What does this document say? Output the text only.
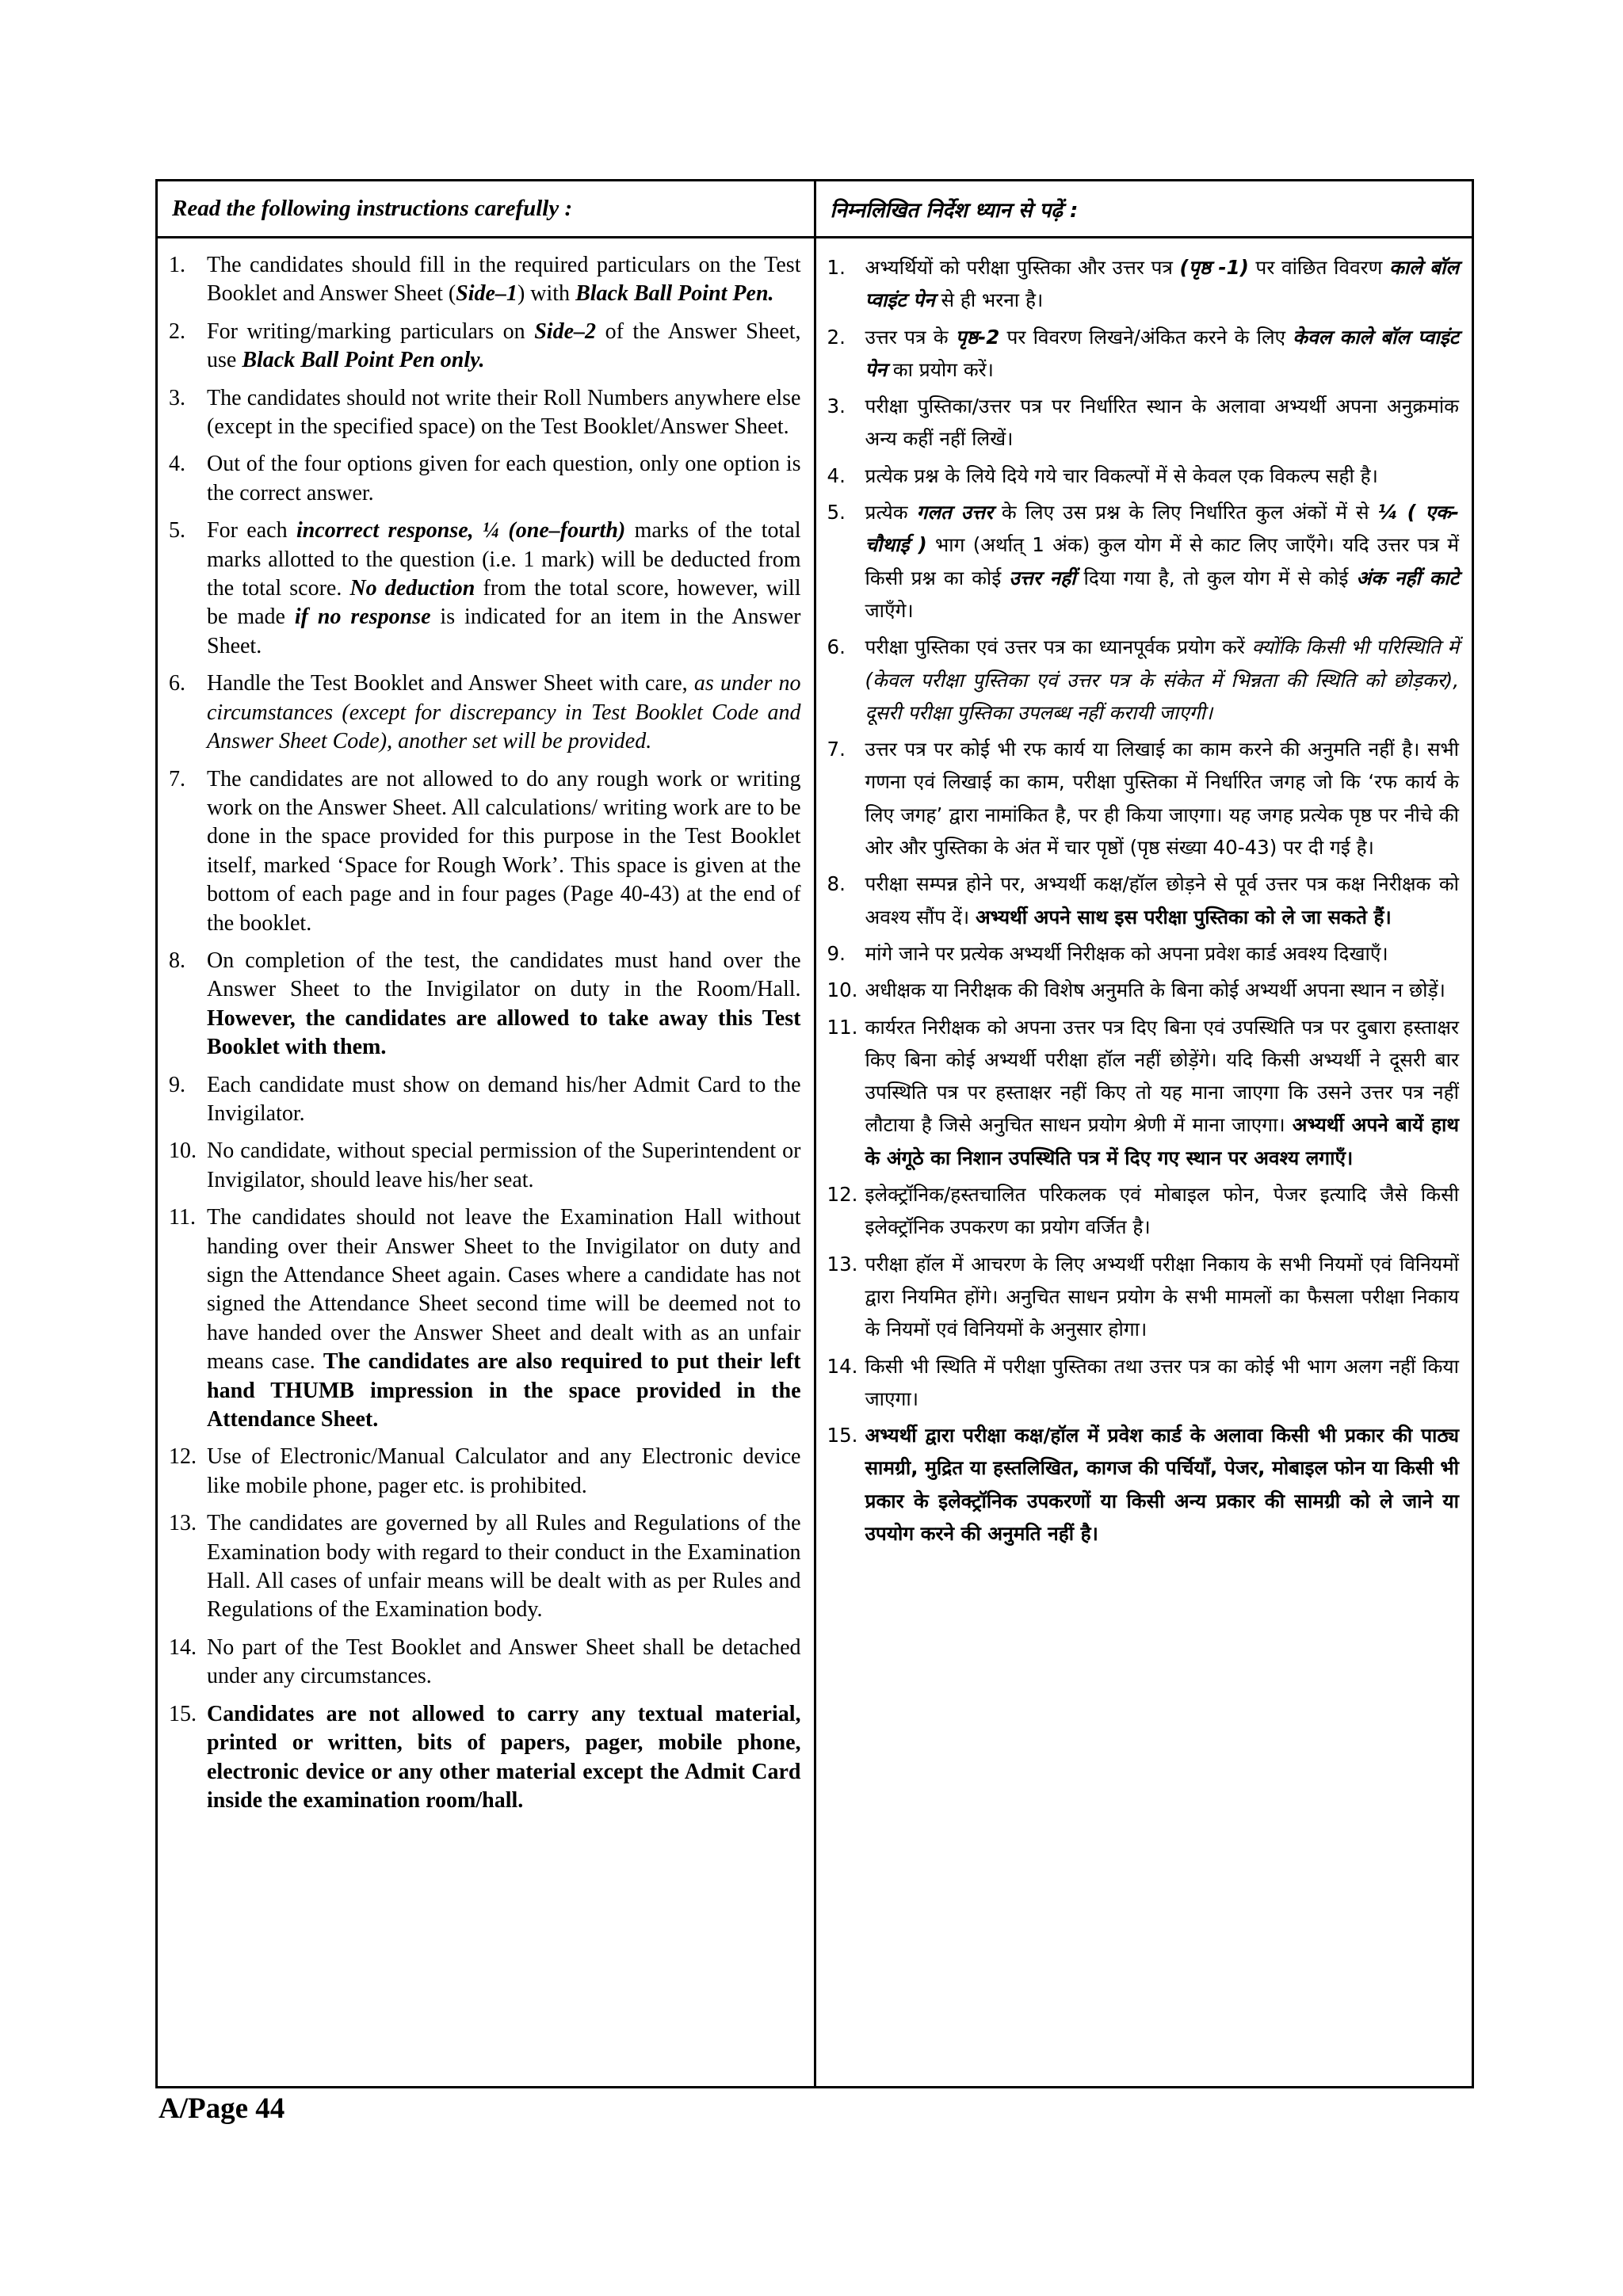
Read the following instructions carefully :	निम्नलिखित निर्देश ध्यान से पढ़ें :
1. The candidates should fill in the required particulars on the Test Booklet and Answer Sheet (Side–1) with Black Ball Point Pen.
2. For writing/marking particulars on Side–2 of the Answer Sheet, use Black Ball Point Pen only.
3. The candidates should not write their Roll Numbers anywhere else (except in the specified space) on the Test Booklet/Answer Sheet.
4. Out of the four options given for each question, only one option is the correct answer.
5. For each incorrect response, ¼ (one–fourth) marks of the total marks allotted to the question (i.e. 1 mark) will be deducted from the total score. No deduction from the total score, however, will be made if no response is indicated for an item in the Answer Sheet.
6. Handle the Test Booklet and Answer Sheet with care, as under no circumstances (except for discrepancy in Test Booklet Code and Answer Sheet Code), another set will be provided.
7. The candidates are not allowed to do any rough work or writing work on the Answer Sheet. All calculations/ writing work are to be done in the space provided for this purpose in the Test Booklet itself, marked ‘Space for Rough Work’. This space is given at the bottom of each page and in four pages (Page 40-43) at the end of the booklet.
8. On completion of the test, the candidates must hand over the Answer Sheet to the Invigilator on duty in the Room/Hall. However, the candidates are allowed to take away this Test Booklet with them.
9. Each candidate must show on demand his/her Admit Card to the Invigilator.
10. No candidate, without special permission of the Superintendent or Invigilator, should leave his/her seat.
11. The candidates should not leave the Examination Hall without handing over their Answer Sheet to the Invigilator on duty and sign the Attendance Sheet again. Cases where a candidate has not signed the Attendance Sheet second time will be deemed not to have handed over the Answer Sheet and dealt with as an unfair means case. The candidates are also required to put their left hand THUMB impression in the space provided in the Attendance Sheet.
12. Use of Electronic/Manual Calculator and any Electronic device like mobile phone, pager etc. is prohibited.
13. The candidates are governed by all Rules and Regulations of the Examination body with regard to their conduct in the Examination Hall. All cases of unfair means will be dealt with as per Rules and Regulations of the Examination body.
14. No part of the Test Booklet and Answer Sheet shall be detached under any circumstances.
15. Candidates are not allowed to carry any textual material, printed or written, bits of papers, pager, mobile phone, electronic device or any other material except the Admit Card inside the examination room/hall.
1.	अभ्यर्थियों को परीक्षा पुस्तिका और उत्तर पत्र (पृष्ठ -1) पर वांछित विवरण काले बॉल प्वाइंट पेन से ही भरना है।
2.	उत्तर पत्र के पृष्ठ-2 पर विवरण लिखने/अंकित करने के लिए केवल काले बॉल प्वाइंट पेन का प्रयोग करें।
3.	परीक्षा पुस्तिका/उत्तर पत्र पर निर्धारित स्थान के अलावा अभ्यर्थी अपना अनुक्रमांक अन्य कहीं नहीं लिखें।
4.	प्रत्येक प्रश्न के लिये दिये गये चार विकल्पों में से केवल एक विकल्प सही है।
5.	प्रत्येक गलत उत्तर के लिए उस प्रश्न के लिए निर्धारित कुल अंकों में से ¼ ( एक-चौथाई ) भाग (अर्थात् 1 अंक) कुल योग में से काट लिए जाएँगे। यदि उत्तर पत्र में किसी प्रश्न का कोई उत्तर नहीं दिया गया है, तो कुल योग में से कोई अंक नहीं काटे जाएँगे।
6.	परीक्षा पुस्तिका एवं उत्तर पत्र का ध्यानपूर्वक प्रयोग करें क्योंकि किसी भी परिस्थिति में (केवल परीक्षा पुस्तिका एवं उत्तर पत्र के संकेत में भिन्नता की स्थिति को छोड़कर), दूसरी परीक्षा पुस्तिका उपलब्ध नहीं करायी जाएगी।
7.	उत्तर पत्र पर कोई भी रफ कार्य या लिखाई का काम करने की अनुमति नहीं है। सभी गणना एवं लिखाई का काम, परीक्षा पुस्तिका में निर्धारित जगह जो कि ‘रफ कार्य के लिए जगह’ द्वारा नामांकित है, पर ही किया जाएगा। यह जगह प्रत्येक पृष्ठ पर नीचे की ओर और पुस्तिका के अंत में चार पृष्ठों (पृष्ठ संख्या 40-43) पर दी गई है।
8.	परीक्षा सम्पन्न होने पर, अभ्यर्थी कक्ष/हॉल छोड़ने से पूर्व उत्तर पत्र कक्ष निरीक्षक को अवश्य सौंप दें। अभ्यर्थी अपने साथ इस परीक्षा पुस्तिका को ले जा सकते हैं।
9.	मांगे जाने पर प्रत्येक अभ्यर्थी निरीक्षक को अपना प्रवेश कार्ड अवश्य दिखाएँ।
10. अधीक्षक या निरीक्षक की विशेष अनुमति के बिना कोई अभ्यर्थी अपना स्थान न छोड़ें।
11. कार्यरत निरीक्षक को अपना उत्तर पत्र दिए बिना एवं उपस्थिति पत्र पर दुबारा हस्ताक्षर किए बिना कोई अभ्यर्थी परीक्षा हॉल नहीं छोड़ेंगे। यदि किसी अभ्यर्थी ने दूसरी बार उपस्थिति पत्र पर हस्ताक्षर नहीं किए तो यह माना जाएगा कि उसने उत्तर पत्र नहीं लौटाया है जिसे अनुचित साधन प्रयोग श्रेणी में माना जाएगा। अभ्यर्थी अपने बायें हाथ के अंगूठे का निशान उपस्थिति पत्र में दिए गए स्थान पर अवश्य लगाएँ।
12. इलेक्ट्रॉनिक/हस्तचालित परिकलक एवं मोबाइल फोन, पेजर इत्यादि जैसे किसी इलेक्ट्रॉनिक उपकरण का प्रयोग वर्जित है।
13. परीक्षा हॉल में आचरण के लिए अभ्यर्थी परीक्षा निकाय के सभी नियमों एवं विनियमों द्वारा नियमित होंगे। अनुचित साधन प्रयोग के सभी मामलों का फैसला परीक्षा निकाय के नियमों एवं विनियमों के अनुसार होगा।
14. किसी भी स्थिति में परीक्षा पुस्तिका तथा उत्तर पत्र का कोई भी भाग अलग नहीं किया जाएगा।
15. अभ्यर्थी द्वारा परीक्षा कक्ष/हॉल में प्रवेश कार्ड के अलावा किसी भी प्रकार की पाठ्य सामग्री, मुद्रित या हस्तलिखित, कागज की पर्चियाँ, पेजर, मोबाइल फोन या किसी भी प्रकार के इलेक्ट्रॉनिक उपकरणों या किसी अन्य प्रकार की सामग्री को ले जाने या उपयोग करने की अनुमति नहीं है।
A/Page 44
